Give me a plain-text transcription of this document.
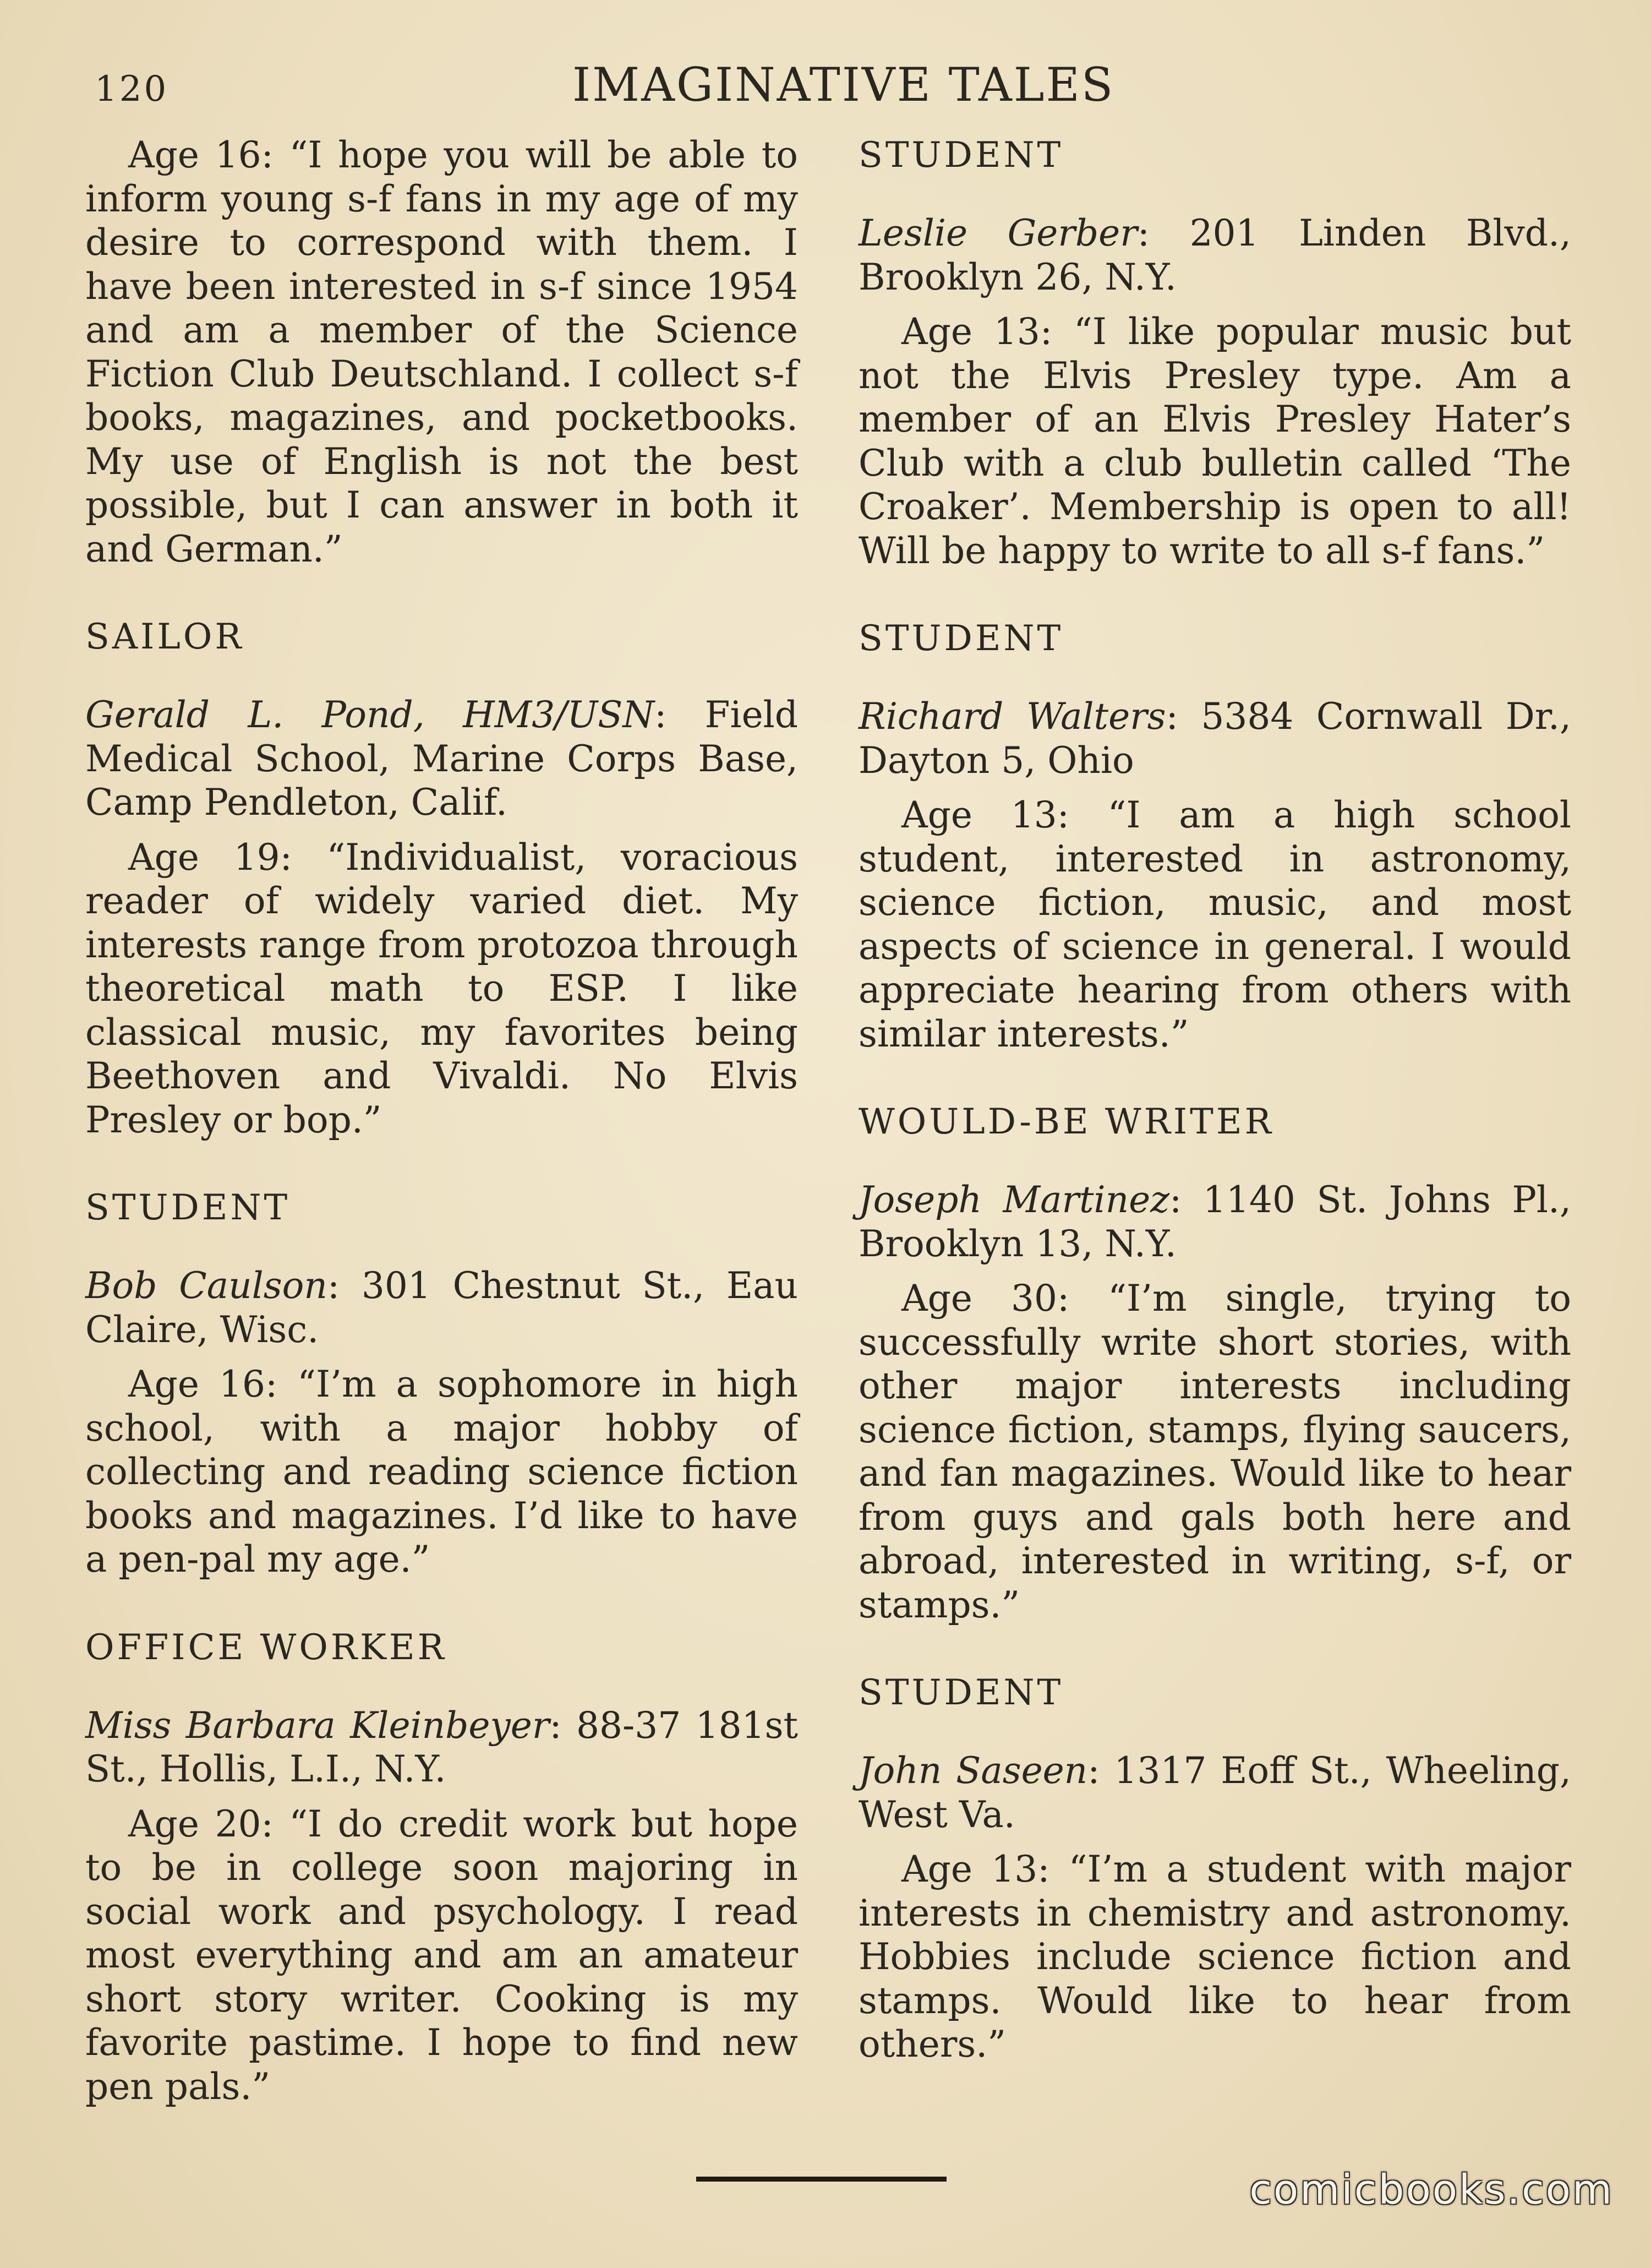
120	IMAGINATIVE TALES

Age 16: “I hope you will be able to inform young s-f fans in my age of my desire to correspond with them. I have been interested in s-f since 1954 and am a member of the Science Fiction Club Deutschland. I collect s-f books, magazines, and pocketbooks. My use of English is not the best possible, but I can answer in both it and German.”

SAILOR

Gerald L. Pond, HM3/USN: Field Medical School, Marine Corps Base, Camp Pendleton, Calif.

Age 19: “Individualist, voracious reader of widely varied diet. My interests range from protozoa through theoretical math to ESP. I like classical music, my favorites being Beethoven and Vivaldi. No Elvis Presley or bop.”

STUDENT

Bob Caulson: 301 Chestnut St., Eau Claire, Wisc.

Age 16: “I’m a sophomore in high school, with a major hobby of collecting and reading science fiction books and magazines. I’d like to have a pen-pal my age.”

OFFICE WORKER

Miss Barbara Kleinbeyer: 88-37 181st St., Hollis, L.I., N.Y.

Age 20: “I do credit work but hope to be in college soon majoring in social work and psychology. I read most everything and am an amateur short story writer. Cooking is my favorite pastime. I hope to find new pen pals.”

STUDENT

Leslie Gerber: 201 Linden Blvd., Brooklyn 26, N.Y.

Age 13: “I like popular music but not the Elvis Presley type. Am a member of an Elvis Presley Hater’s Club with a club bulletin called ‘The Croaker’. Membership is open to all! Will be happy to write to all s-f fans.”

STUDENT

Richard Walters: 5384 Cornwall Dr., Dayton 5, Ohio

Age 13: “I am a high school student, interested in astronomy, science fiction, music, and most aspects of science in general. I would appreciate hearing from others with similar interests.”

WOULD-BE WRITER

Joseph Martinez: 1140 St. Johns Pl., Brooklyn 13, N.Y.

Age 30: “I’m single, trying to successfully write short stories, with other major interests including science fiction, stamps, flying saucers, and fan magazines. Would like to hear from guys and gals both here and abroad, interested in writing, s-f, or stamps.”

STUDENT

John Saseen: 1317 Eoff St., Wheeling, West Va.

Age 13: “I’m a student with major interests in chemistry and astronomy. Hobbies include science fiction and stamps. Would like to hear from others.”

comicbooks.com
